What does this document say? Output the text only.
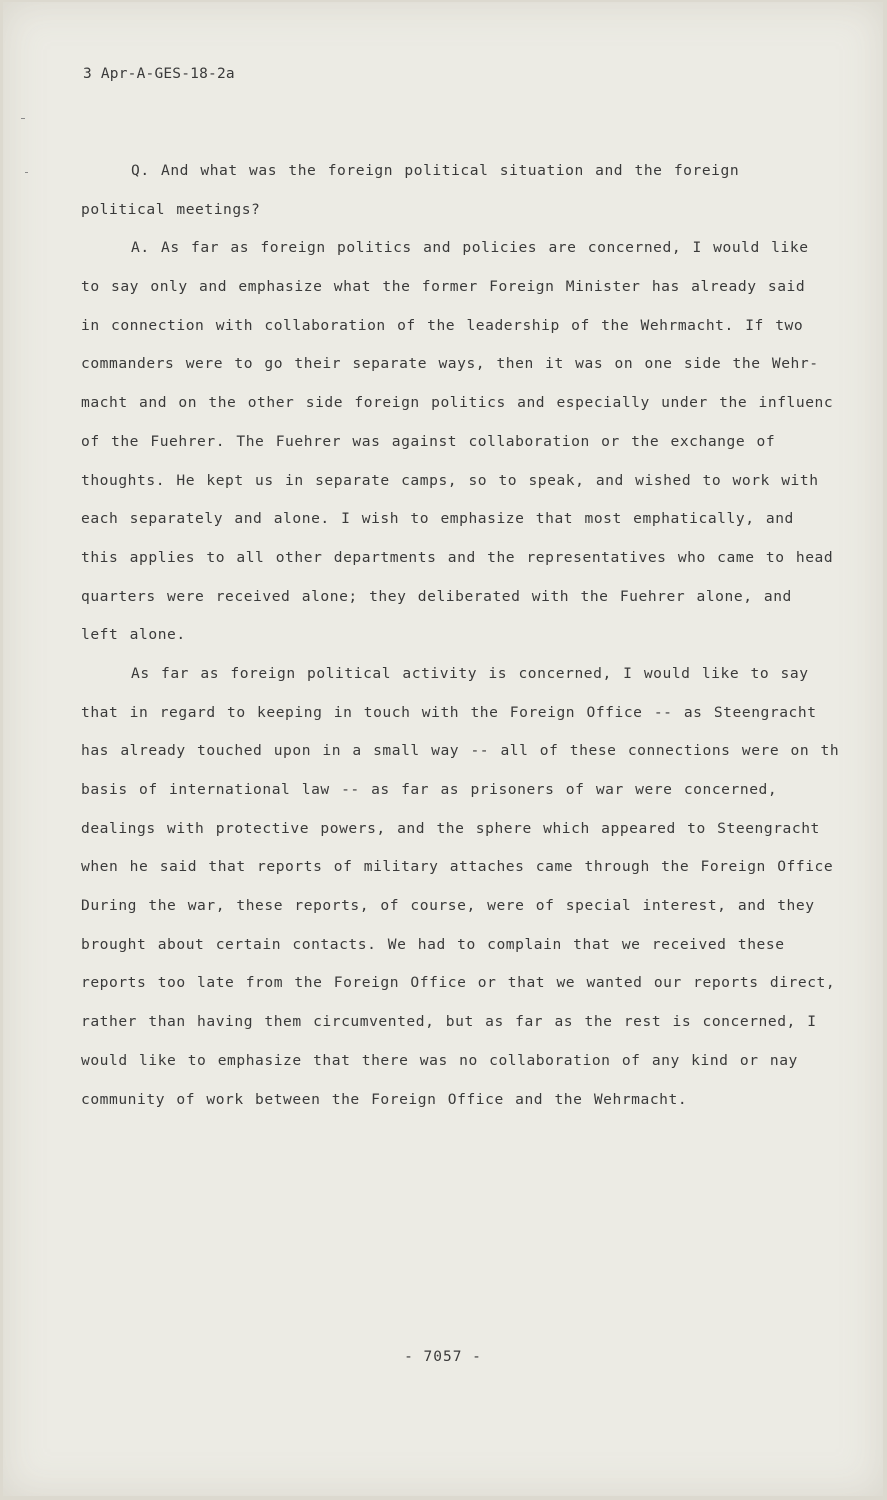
3 Apr-A-GES-18-2a
Q. And what was the foreign political situation and the foreign
political meetings?
A. As far as foreign politics and policies are concerned, I would like
to say only and emphasize what the former Foreign Minister has already said
in connection with collaboration of the leadership of the Wehrmacht. If two
commanders were to go their separate ways, then it was on one side the Wehr-
macht and on the other side foreign politics and especially under the influenc
of the Fuehrer. The Fuehrer was against collaboration or the exchange of
thoughts. He kept us in separate camps, so to speak, and wished to work with
each separately and alone. I wish to emphasize that most emphatically, and
this applies to all other departments and the representatives who came to head
quarters were received alone; they deliberated with the Fuehrer alone, and
left alone.
As far as foreign political activity is concerned, I would like to say
that in regard to keeping in touch with the Foreign Office -- as Steengracht
has already touched upon in a small way -- all of these connections were on th
basis of international law -- as far as prisoners of war were concerned,
dealings with protective powers, and the sphere which appeared to Steengracht
when he said that reports of military attaches came through the Foreign Office
During the war, these reports, of course, were of special interest, and they
brought about certain contacts. We had to complain that we received these
reports too late from the Foreign Office or that we wanted our reports direct,
rather than having them circumvented, but as far as the rest is concerned, I
would like to emphasize that there was no collaboration of any kind or nay
community of work between the Foreign Office and the Wehrmacht.
- 7057 -
